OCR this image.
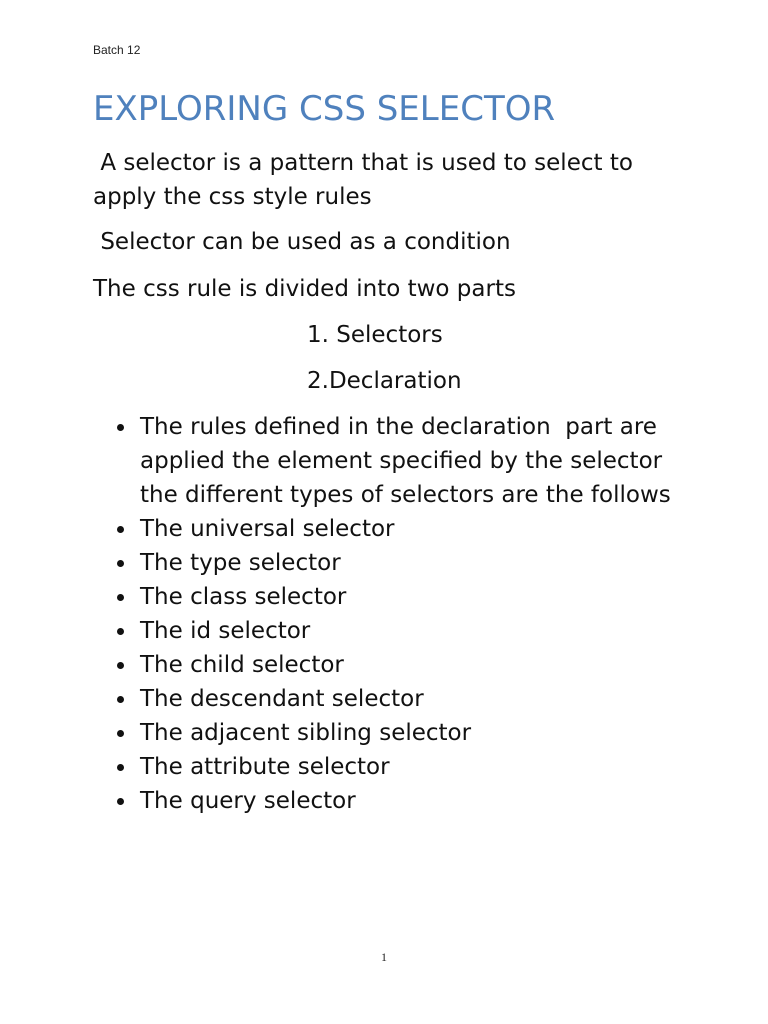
Batch 12
EXPLORING CSS SELECTOR

A selector is a pattern that is used to select to apply the css style rules

Selector can be used as a condition

The css rule is divided into two parts

1. Selectors

2.Declaration

The rules defined in the declaration  part are applied the element specified by the selector the different types of selectors are the follows
The universal selector
The type selector
The class selector
The id selector
The child selector
The descendant selector
The adjacent sibling selector
The attribute selector
The query selector
1
